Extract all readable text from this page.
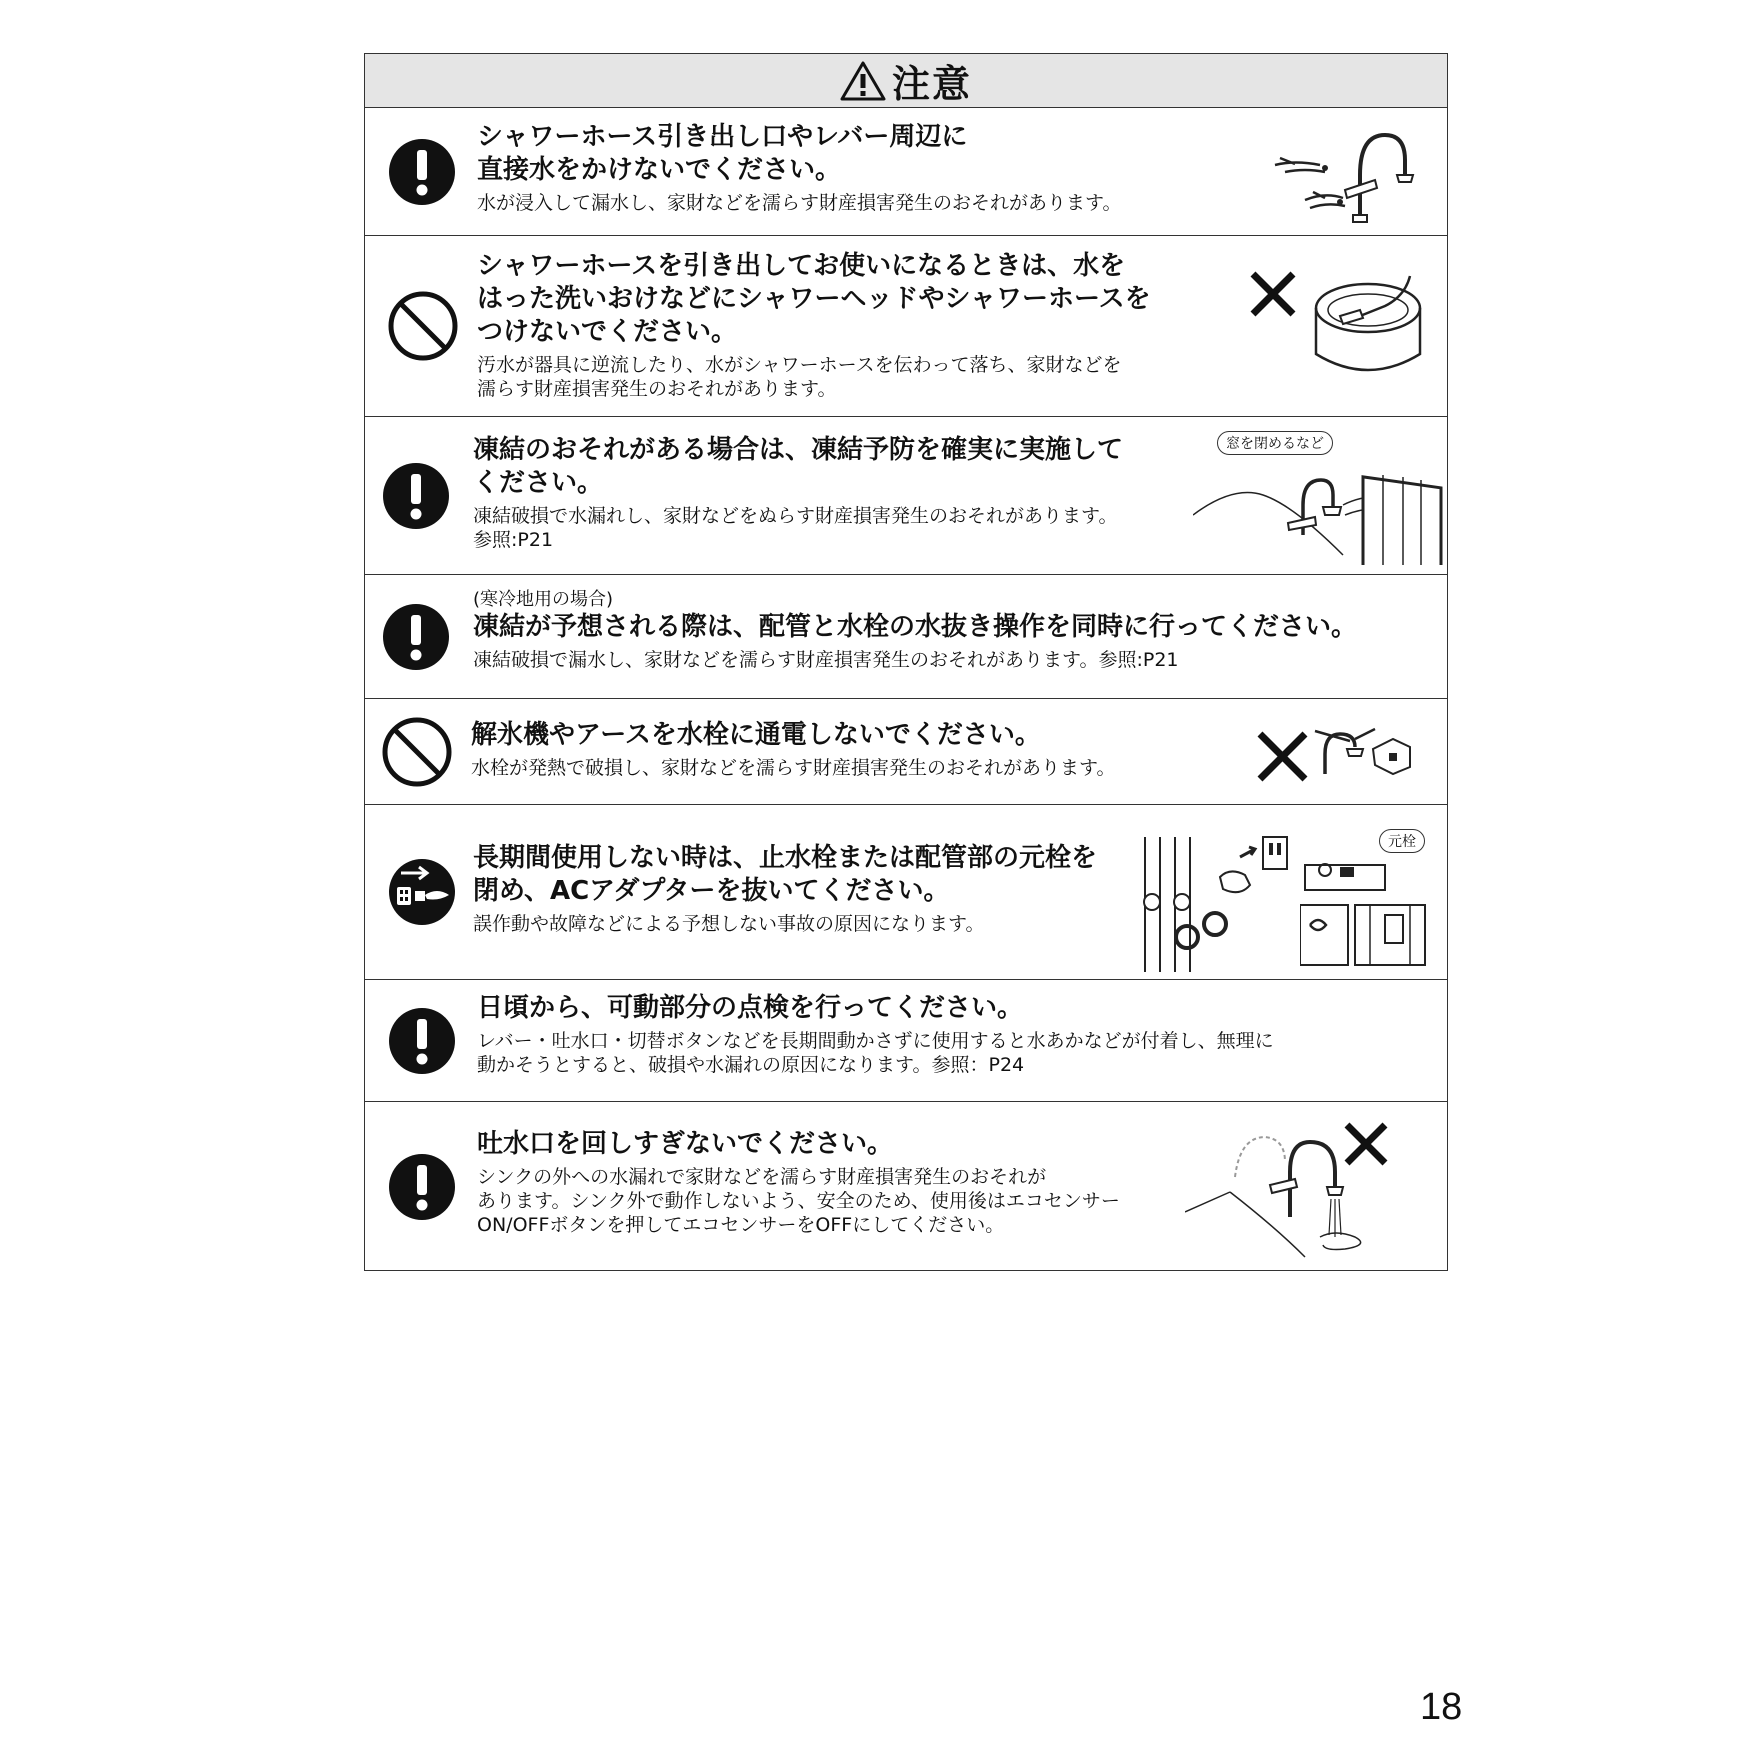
注意
シャワーホース引き出し口やレバー周辺に
直接水をかけないでください。
水が浸入して漏水し、家財などを濡らす財産損害発生のおそれがあります。
シャワーホースを引き出してお使いになるときは、水を
はった洗いおけなどにシャワーヘッドやシャワーホースを
つけないでください。
汚水が器具に逆流したり、水がシャワーホースを伝わって落ち、家財などを
濡らす財産損害発生のおそれがあります。
凍結のおそれがある場合は、凍結予防を確実に実施して
ください。
凍結破損で水漏れし、家財などをぬらす財産損害発生のおそれがあります。
参照:P21
窓を閉めるなど
(寒冷地用の場合)
凍結が予想される際は、配管と水栓の水抜き操作を同時に行ってください。
凍結破損で漏水し、家財などを濡らす財産損害発生のおそれがあります。参照:P21
解氷機やアースを水栓に通電しないでください。
水栓が発熱で破損し、家財などを濡らす財産損害発生のおそれがあります。
長期間使用しない時は、止水栓または配管部の元栓を
閉め、ACアダプターを抜いてください。
誤作動や故障などによる予想しない事故の原因になります。
元栓
日頃から、可動部分の点検を行ってください。
レバー・吐水口・切替ボタンなどを長期間動かさずに使用すると水あかなどが付着し、無理に
動かそうとすると、破損や水漏れの原因になります。参照：P24
吐水口を回しすぎないでください。
シンクの外への水漏れで家財などを濡らす財産損害発生のおそれが
あります。シンク外で動作しないよう、安全のため、使用後はエコセンサー
ON/OFFボタンを押してエコセンサーをOFFにしてください。
18
